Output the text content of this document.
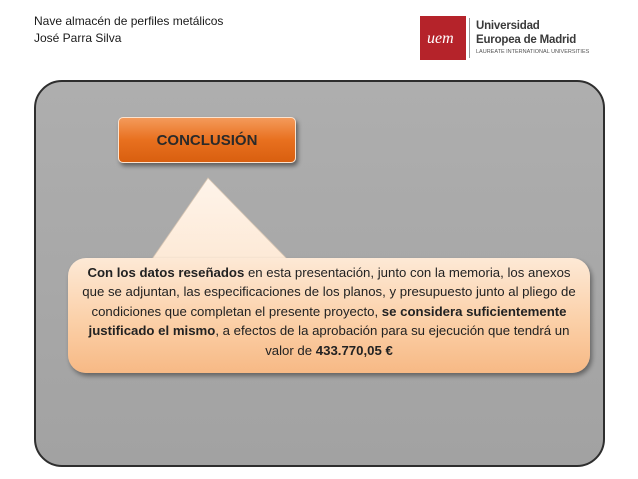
Nave almacén de perfiles metálicos
José Parra Silva	uem
Universidad
Europea de Madrid
LAUREATE INTERNATIONAL UNIVERSITIES
CONCLUSIÓN
Con los datos reseñados en esta presentación, junto con la memoria, los anexos que se adjuntan, las especificaciones de los planos, y presupuesto junto al pliego de condiciones que completan el presente proyecto, se considera suficientemente justificado el mismo, a efectos de la aprobación para su ejecución que tendrá un valor de 433.770,05 €
